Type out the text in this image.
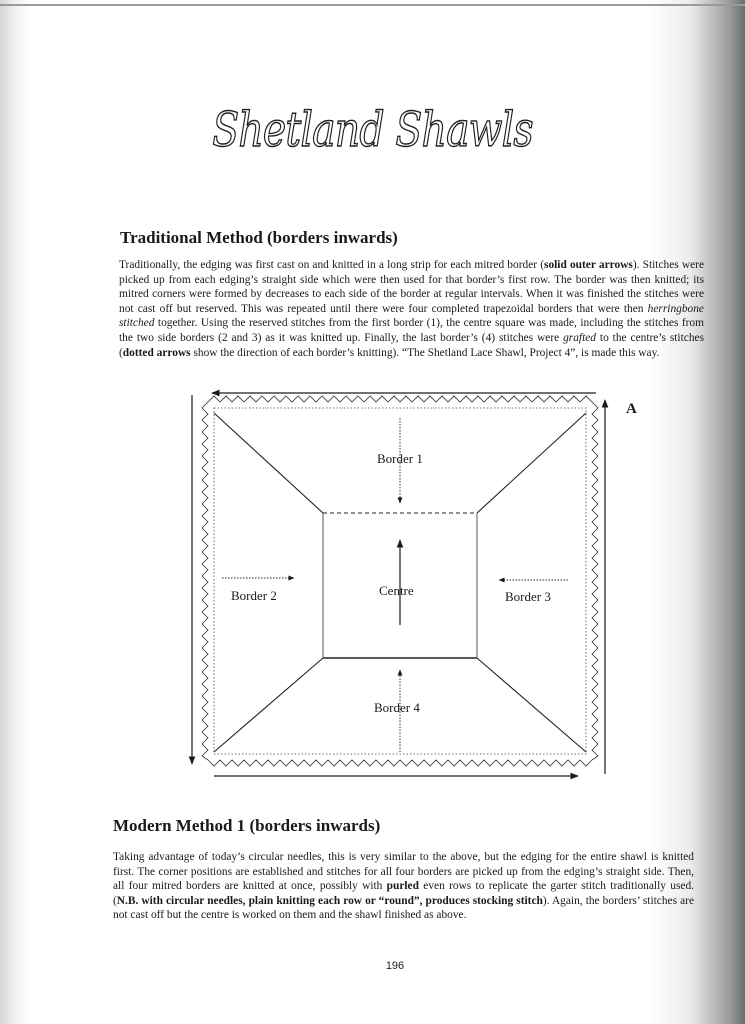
Shetland Shawls
Traditional Method (borders inwards)
Traditionally, the edging was first cast on and knitted in a long strip for each mitred border (solid outer arrows). Stitches were picked up from each edging’s straight side which were then used for that border’s first row. The border was then knitted; its mitred corners were formed by decreases to each side of the border at regular intervals. When it was finished the stitches were not cast off but reserved. This was repeated until there were four completed trapezoidal borders that were then herringbone stitched together. Using the reserved stitches from the first border (1), the centre square was made, including the stitches from the two side borders (2 and 3) as it was knitted up. Finally, the last border’s (4) stitches were grafted to the centre’s stitches (dotted arrows show the direction of each border’s knitting). “The Shetland Lace Shawl, Project 4”, is made this way.
A
Border 1
Border 2	Border 3
Border 4
Centre
Modern Method 1 (borders inwards)
Taking advantage of today’s circular needles, this is very similar to the above, but the edging for the entire shawl is knitted first. The corner positions are established and stitches for all four borders are picked up from the edging’s straight side. Then, all four mitred borders are knitted at once, possibly with purled even rows to replicate the garter stitch traditionally used. (N.B. with circular needles, plain knitting each row or “round”, produces stocking stitch). Again, the borders’ stitches are not cast off but the centre is worked on them and the shawl finished as above.
196
